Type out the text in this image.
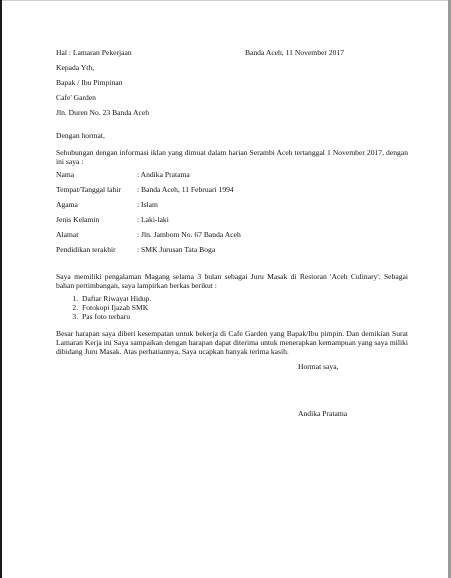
Hal : Lamaran Pekerjaan	Banda Aceh, 11 November 2017
Kepada Yth,
Bapak / Ibu Pimpinan
Cafe' Garden
Jln. Duren No. 23 Banda Aceh

Dengan hormat,

Sehubungan dengan informasi iklan yang dimuat dalam harian Serambi Aceh tertanggal 1 November 2017, dengan ini saya :

Nama	: Andika Pratama
Tempat/Tanggal lahir	: Banda Aceh, 11 Februari 1994
Agama	: Islam
Jenis Kelamin	: Laki-laki
Alamat	: Jln. Jambom No. 67 Banda Aceh
Pendidikan terakhir	: SMK Jurusan Tata Boga

Saya memiliki pengalaman Magang selama 3 bulan sebagai Juru Masak di Restoran 'Aceh Culinary'. Sebagai bahan pertimbangan, saya lampirkan berkas berikut :

1. Daftar Riwayat Hidup.
2. Fotokopi Ijazah SMK
3. Pas foto terbaru

Besar harapan saya diberi kesempatan untuk bekerja di Cafe Garden yang Bapak/Ibu pimpin. Dan demikian Surat Lamaran Kerja ini Saya sampaikan dengan harapan dapat diterima untuk menerapkan kemampuan yang saya miliki dibidang Juru Masak. Atas perhatiannya, Saya ucapkan banyak terima kasih.

Hormat saya,
Andika Pratama
